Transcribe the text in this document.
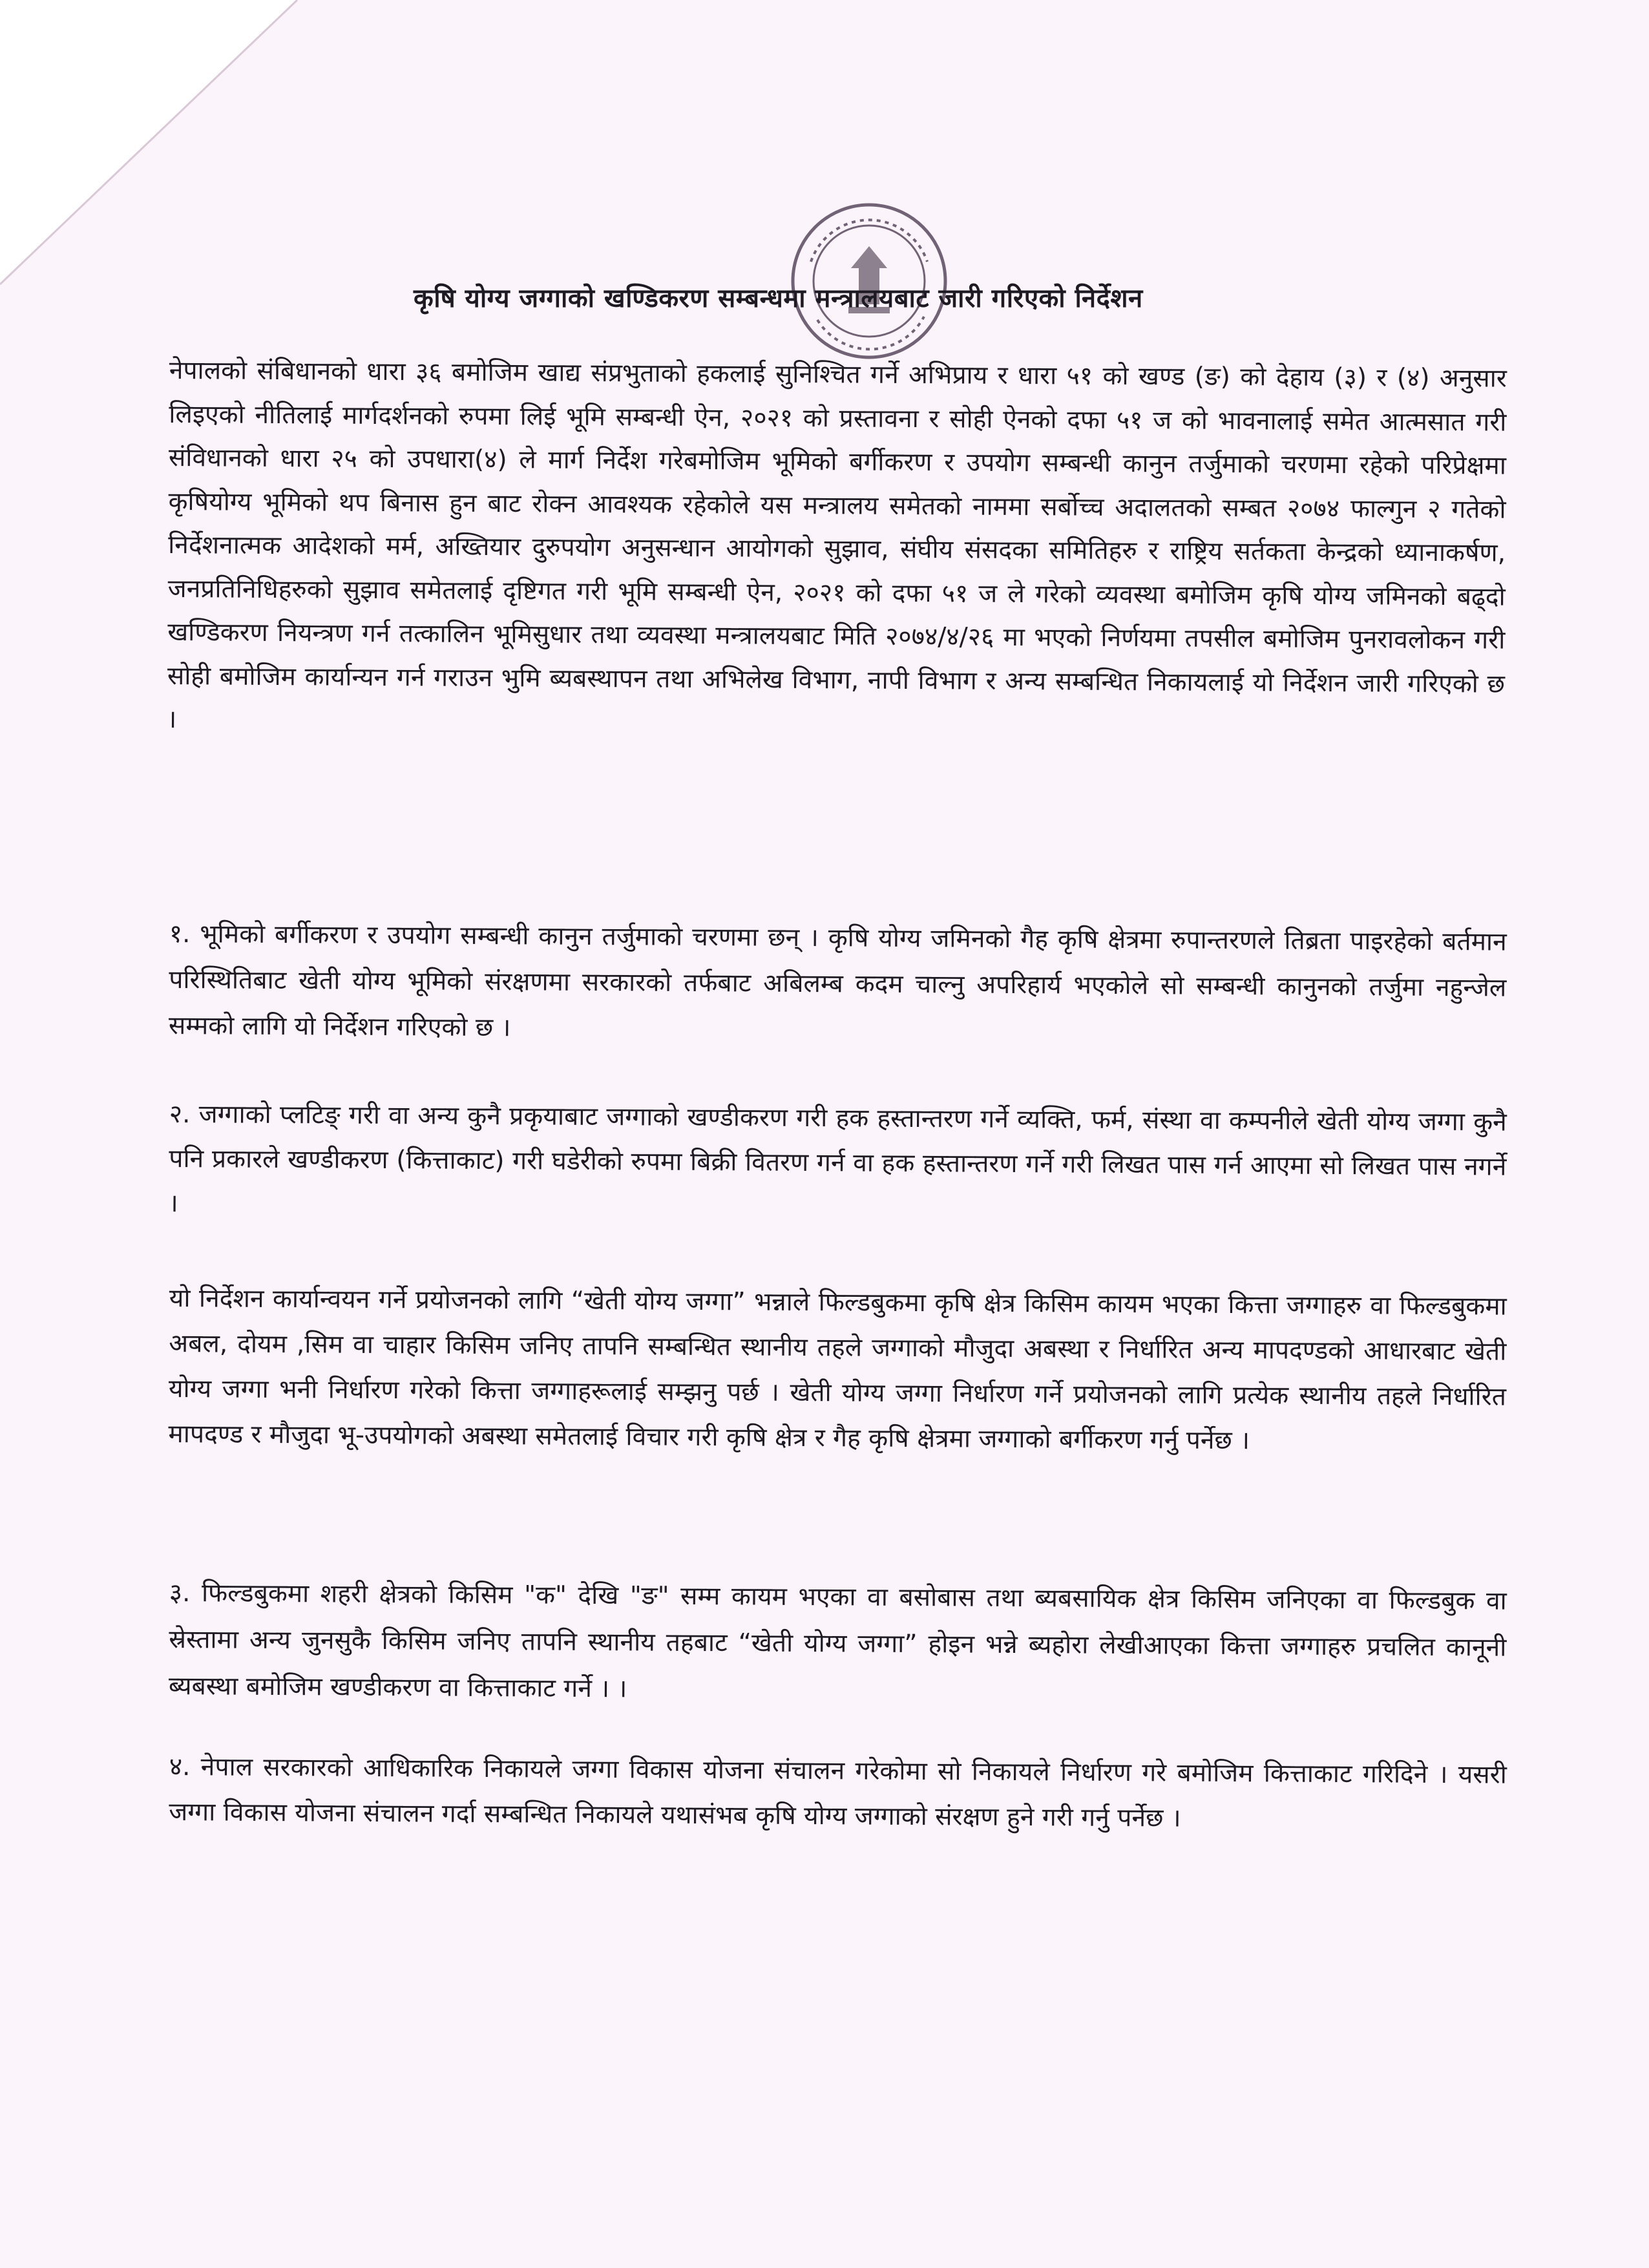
कृषि योग्य जग्गाको खण्डिकरण सम्बन्धमा मन्त्रालयबाट जारी गरिएको निर्देशन
नेपालको संबिधानको धारा ३६ बमोजिम खाद्य संप्रभुताको हकलाई सुनिश्चित गर्ने अभिप्राय र धारा ५१ को खण्ड (ङ) को देहाय (३) र (४) अनुसार लिइएको नीतिलाई मार्गदर्शनको रुपमा लिई भूमि सम्बन्धी ऐन, २०२१ को प्रस्तावना र सोही ऐनको दफा ५१ ज को भावनालाई समेत आत्मसात गरी संविधानको धारा २५ को उपधारा(४) ले मार्ग निर्देश गरेबमोजिम भूमिको बर्गीकरण र उपयोग सम्बन्धी कानुन तर्जुमाको चरणमा रहेको परिप्रेक्षमा कृषियोग्य भूमिको थप बिनास हुन बाट रोक्न आवश्यक रहेकोले यस मन्त्रालय समेतको नाममा सर्बोच्च अदालतको सम्बत २०७४ फाल्गुन २ गतेको निर्देशनात्मक आदेशको मर्म, अख्तियार दुरुपयोग अनुसन्धान आयोगको सुझाव, संघीय संसदका समितिहरु र राष्ट्रिय सर्तकता केन्द्रको ध्यानाकर्षण, जनप्रतिनिधिहरुको सुझाव समेतलाई दृष्टिगत गरी भूमि सम्बन्धी ऐन, २०२१ को दफा ५१ ज ले गरेको व्यवस्था बमोजिम कृषि योग्य जमिनको बढ्दो खण्डिकरण नियन्त्रण गर्न तत्कालिन भूमिसुधार तथा व्यवस्था मन्त्रालयबाट मिति २०७४/४/२६ मा भएको निर्णयमा तपसील बमोजिम पुनरावलोकन गरी सोही बमोजिम कार्यान्यन गर्न गराउन भुमि ब्यबस्थापन तथा अभिलेख विभाग, नापी विभाग र अन्य सम्बन्धित निकायलाई यो निर्देशन जारी गरिएको छ ।
१. भूमिको बर्गीकरण र उपयोग सम्बन्धी कानुन तर्जुमाको चरणमा छन् । कृषि योग्य जमिनको गैह कृषि क्षेत्रमा रुपान्तरणले तिब्रता पाइरहेको बर्तमान परिस्थितिबाट खेती योग्य भूमिको संरक्षणमा सरकारको तर्फबाट अबिलम्ब कदम चाल्नु अपरिहार्य भएकोले सो सम्बन्धी कानुनको तर्जुमा नहुन्जेल सम्मको लागि यो निर्देशन गरिएको छ ।
२. जग्गाको प्लटिङ् गरी वा अन्य कुनै प्रकृयाबाट जग्गाको खण्डीकरण गरी हक हस्तान्तरण गर्ने व्यक्ति, फर्म, संस्था वा कम्पनीले खेती योग्य जग्गा कुनै पनि प्रकारले खण्डीकरण (कित्ताकाट) गरी घडेरीको रुपमा बिक्री वितरण गर्न वा हक हस्तान्तरण गर्ने गरी लिखत पास गर्न आएमा सो लिखत पास नगर्ने ।
यो निर्देशन कार्यान्वयन गर्ने प्रयोजनको लागि “खेती योग्य जग्गा” भन्नाले फिल्डबुकमा कृषि क्षेत्र किसिम कायम भएका कित्ता जग्गाहरु वा फिल्डबुकमा अबल, दोयम ,सिम वा चाहार किसिम जनिए तापनि सम्बन्धित स्थानीय तहले जग्गाको मौजुदा अबस्था र निर्धारित अन्य मापदण्डको आधारबाट खेती योग्य जग्गा भनी निर्धारण गरेको कित्ता जग्गाहरूलाई सम्झनु पर्छ । खेती योग्य जग्गा निर्धारण गर्ने प्रयोजनको लागि प्रत्येक स्थानीय तहले निर्धारित मापदण्ड र मौजुदा भू-उपयोगको अबस्था समेतलाई विचार गरी कृषि क्षेत्र र गैह कृषि क्षेत्रमा जग्गाको बर्गीकरण गर्नु पर्नेछ ।
३. फिल्डबुकमा शहरी क्षेत्रको किसिम "क" देखि "ङ" सम्म कायम भएका वा बसोबास तथा ब्यबसायिक क्षेत्र किसिम जनिएका वा फिल्डबुक वा स्रेस्तामा अन्य जुनसुकै किसिम जनिए तापनि स्थानीय तहबाट “खेती योग्य जग्गा” होइन भन्ने ब्यहोरा लेखीआएका कित्ता जग्गाहरु प्रचलित कानूनी ब्यबस्था बमोजिम खण्डीकरण वा कित्ताकाट गर्ने । ।
४. नेपाल सरकारको आधिकारिक निकायले जग्गा विकास योजना संचालन गरेकोमा सो निकायले निर्धारण गरे बमोजिम कित्ताकाट गरिदिने । यसरी जग्गा विकास योजना संचालन गर्दा सम्बन्धित निकायले यथासंभब कृषि योग्य जग्गाको संरक्षण हुने गरी गर्नु पर्नेछ ।
